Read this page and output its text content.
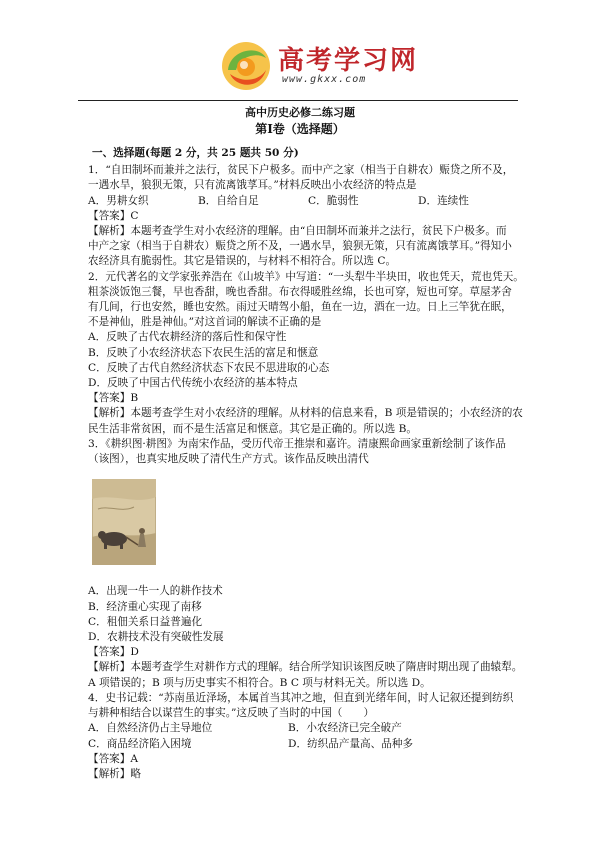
高考学习网
www.gkxx.com
高中历史必修二练习题
第Ⅰ卷（选择题）

一、选择题(每题 2 分，共 25 题共 50 分)

1．“自田制坏而兼并之法行，贫民下户极多。而中产之家（相当于自耕农）赈贷之所不及，

一遇水旱，狼狈无策，只有流离饿莩耳。”材料反映出小农经济的特点是

A．男耕女织	B．自给自足	C．脆弱性	D．连续性

【答案】C

【解析】本题考查学生对小农经济的理解。由“自田制坏而兼并之法行，贫民下户极多。而

中产之家（相当于自耕农）赈贷之所不及，一遇水旱，狼狈无策，只有流离饿莩耳。”得知小

农经济具有脆弱性。其它是错误的，与材料不相符合。所以选 C。

2．元代著名的文学家张养浩在《山坡羊》中写道：“一头犁牛半块田，收也凭天，荒也凭天。

粗茶淡饭饱三餐，早也香甜，晚也香甜。布衣得暖胜丝绵，长也可穿，短也可穿。草屋茅舍

有几间，行也安然，睡也安然。雨过天晴驾小船，鱼在一边，酒在一边。日上三竿犹在眠，

不是神仙，胜是神仙。”对这首词的解读不正确的是

A．反映了古代农耕经济的落后性和保守性

B．反映了小农经济状态下农民生活的富足和惬意

C．反映了古代自然经济状态下农民不思进取的心态

D．反映了中国古代传统小农经济的基本特点

【答案】B

【解析】本题考查学生对小农经济的理解。从材料的信息来看，B 项是错误的；小农经济的农

民生活非常贫困，而不是生活富足和惬意。其它是正确的。所以选 B。

3．《耕织图·耕图》为南宋作品，受历代帝王推崇和嘉许。清康熙命画家重新绘制了该作品

（该图），也真实地反映了清代生产方式。该作品反映出清代

A．出现一牛一人的耕作技术

B．经济重心实现了南移

C．租佃关系日益普遍化

D．农耕技术没有突破性发展

【答案】D

【解析】本题考查学生对耕作方式的理解。结合所学知识该图反映了隋唐时期出现了曲辕犁。

A 项错误的；B 项与历史事实不相符合。B C 项与材料无关。所以选 D。

4．史书记载：“苏南虽近泽场，本属首当其冲之地，但直到光绪年间，时人记叙还提到纺织

与耕种相结合以谋营生的事实。”这反映了当时的中国（　　）

A．自然经济仍占主导地位	B．小农经济已完全破产
C．商品经济陷入困境	D．纺织品产量高、品种多

【答案】A

【解析】略
